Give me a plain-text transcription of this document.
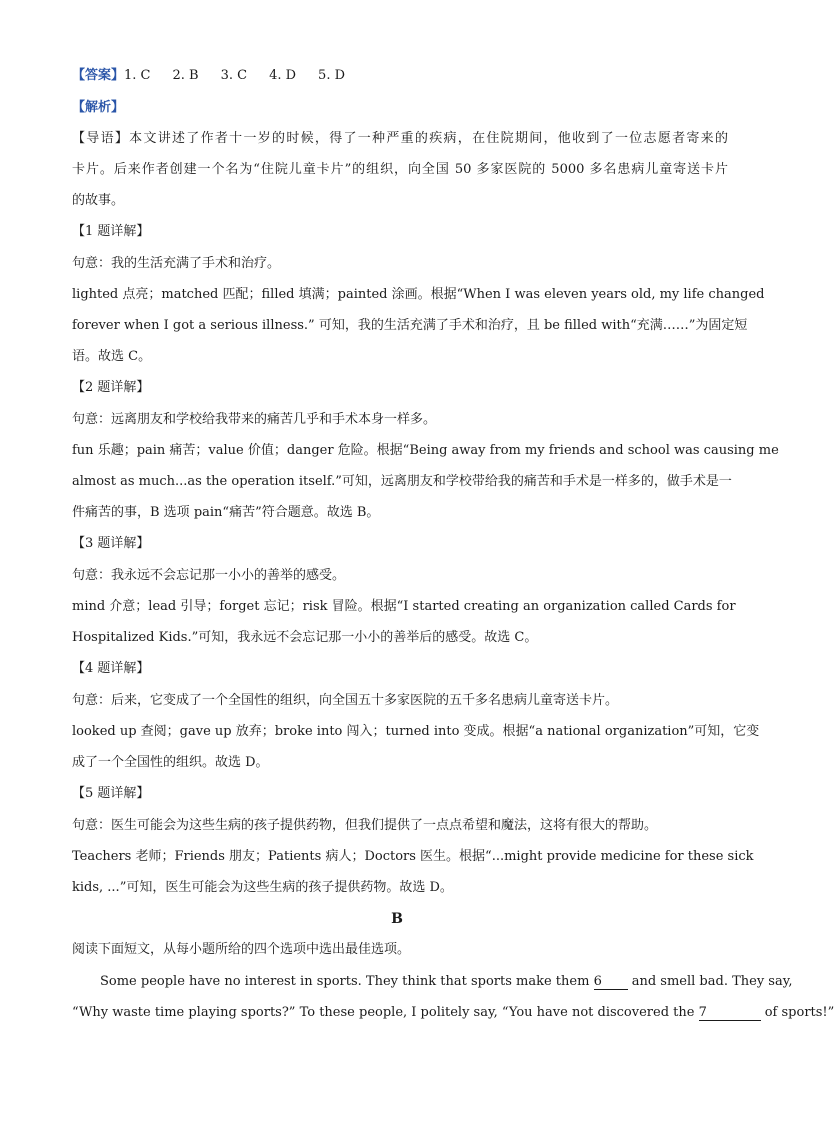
【答案】1. C 2. B 3. C 4. D 5. D
【解析】
【导语】本文讲述了作者十一岁的时候，得了一种严重的疾病，在住院期间，他收到了一位志愿者寄来的
卡片。后来作者创建一个名为“住院儿童卡片”的组织，向全国 50 多家医院的 5000 多名患病儿童寄送卡片
的故事。
【1 题详解】
句意：我的生活充满了手术和治疗。
lighted 点亮；matched 匹配；filled 填满；painted 涂画。根据“When I was eleven years old, my life changed
forever when I got a serious illness.” 可知，我的生活充满了手术和治疗，且 be filled with“充满……”为固定短
语。故选 C。
【2 题详解】
句意：远离朋友和学校给我带来的痛苦几乎和手术本身一样多。
fun 乐趣；pain 痛苦；value 价值；danger 危险。根据“Being away from my friends and school was causing me
almost as much...as the operation itself.”可知，远离朋友和学校带给我的痛苦和手术是一样多的，做手术是一
件痛苦的事，B 选项 pain“痛苦”符合题意。故选 B。
【3 题详解】
句意：我永远不会忘记那一小小的善举的感受。
mind 介意；lead 引导；forget 忘记；risk 冒险。根据“I started creating an organization called Cards for
Hospitalized Kids.”可知，我永远不会忘记那一小小的善举后的感受。故选 C。
【4 题详解】
句意：后来，它变成了一个全国性的组织，向全国五十多家医院的五千多名患病儿童寄送卡片。
looked up 查阅；gave up 放弃；broke into 闯入；turned into 变成。根据“a national organization”可知，它变
成了一个全国性的组织。故选 D。
【5 题详解】
句意：医生可能会为这些生病的孩子提供药物，但我们提供了一点点希望和魔法，这将有很大的帮助。
Teachers 老师；Friends 朋友；Patients 病人；Doctors 医生。根据“...might provide medicine for these sick
kids, ...”可知，医生可能会为这些生病的孩子提供药物。故选 D。
B
阅读下面短文，从每小题所给的四个选项中选出最佳选项。
Some people have no interest in sports. They think that sports make them 6 and smell bad. They say,
“Why waste time playing sports?” To these people, I politely say, “You have not discovered the 7	of sports!”
